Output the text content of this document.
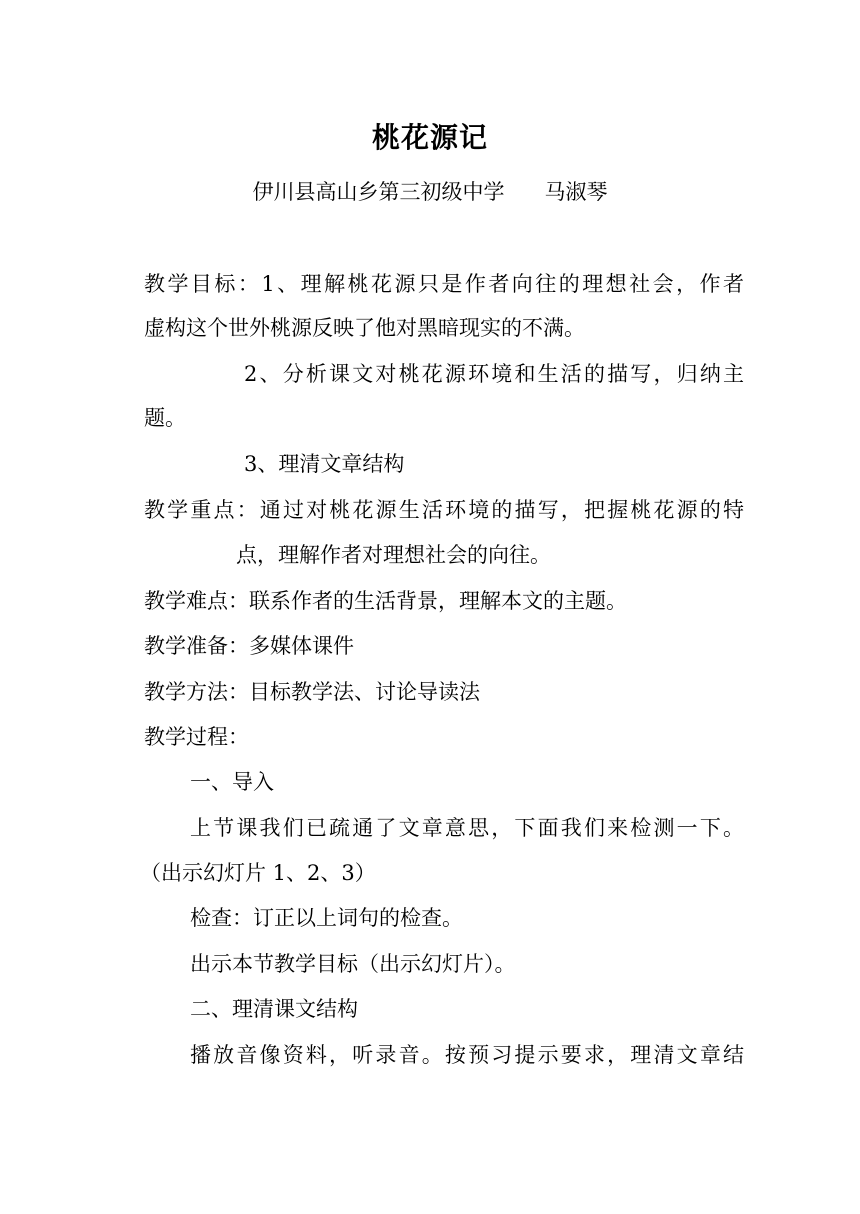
桃花源记
伊川县高山乡第三初级中学 马淑琴
教学目标：1、理解桃花源只是作者向往的理想社会，作者
虚构这个世外桃源反映了他对黑暗现实的不满。
2、分析课文对桃花源环境和生活的描写，归纳主
题。
3、理清文章结构
教学重点：通过对桃花源生活环境的描写，把握桃花源的特
点，理解作者对理想社会的向往。
教学难点：联系作者的生活背景，理解本文的主题。
教学准备：多媒体课件
教学方法：目标教学法、讨论导读法
教学过程：
一、导入
上节课我们已疏通了文章意思，下面我们来检测一下。
（出示幻灯片 1、2、3）
检查：订正以上词句的检查。
出示本节教学目标（出示幻灯片）。
二、理清课文结构
播放音像资料，听录音。按预习提示要求，理清文章结
